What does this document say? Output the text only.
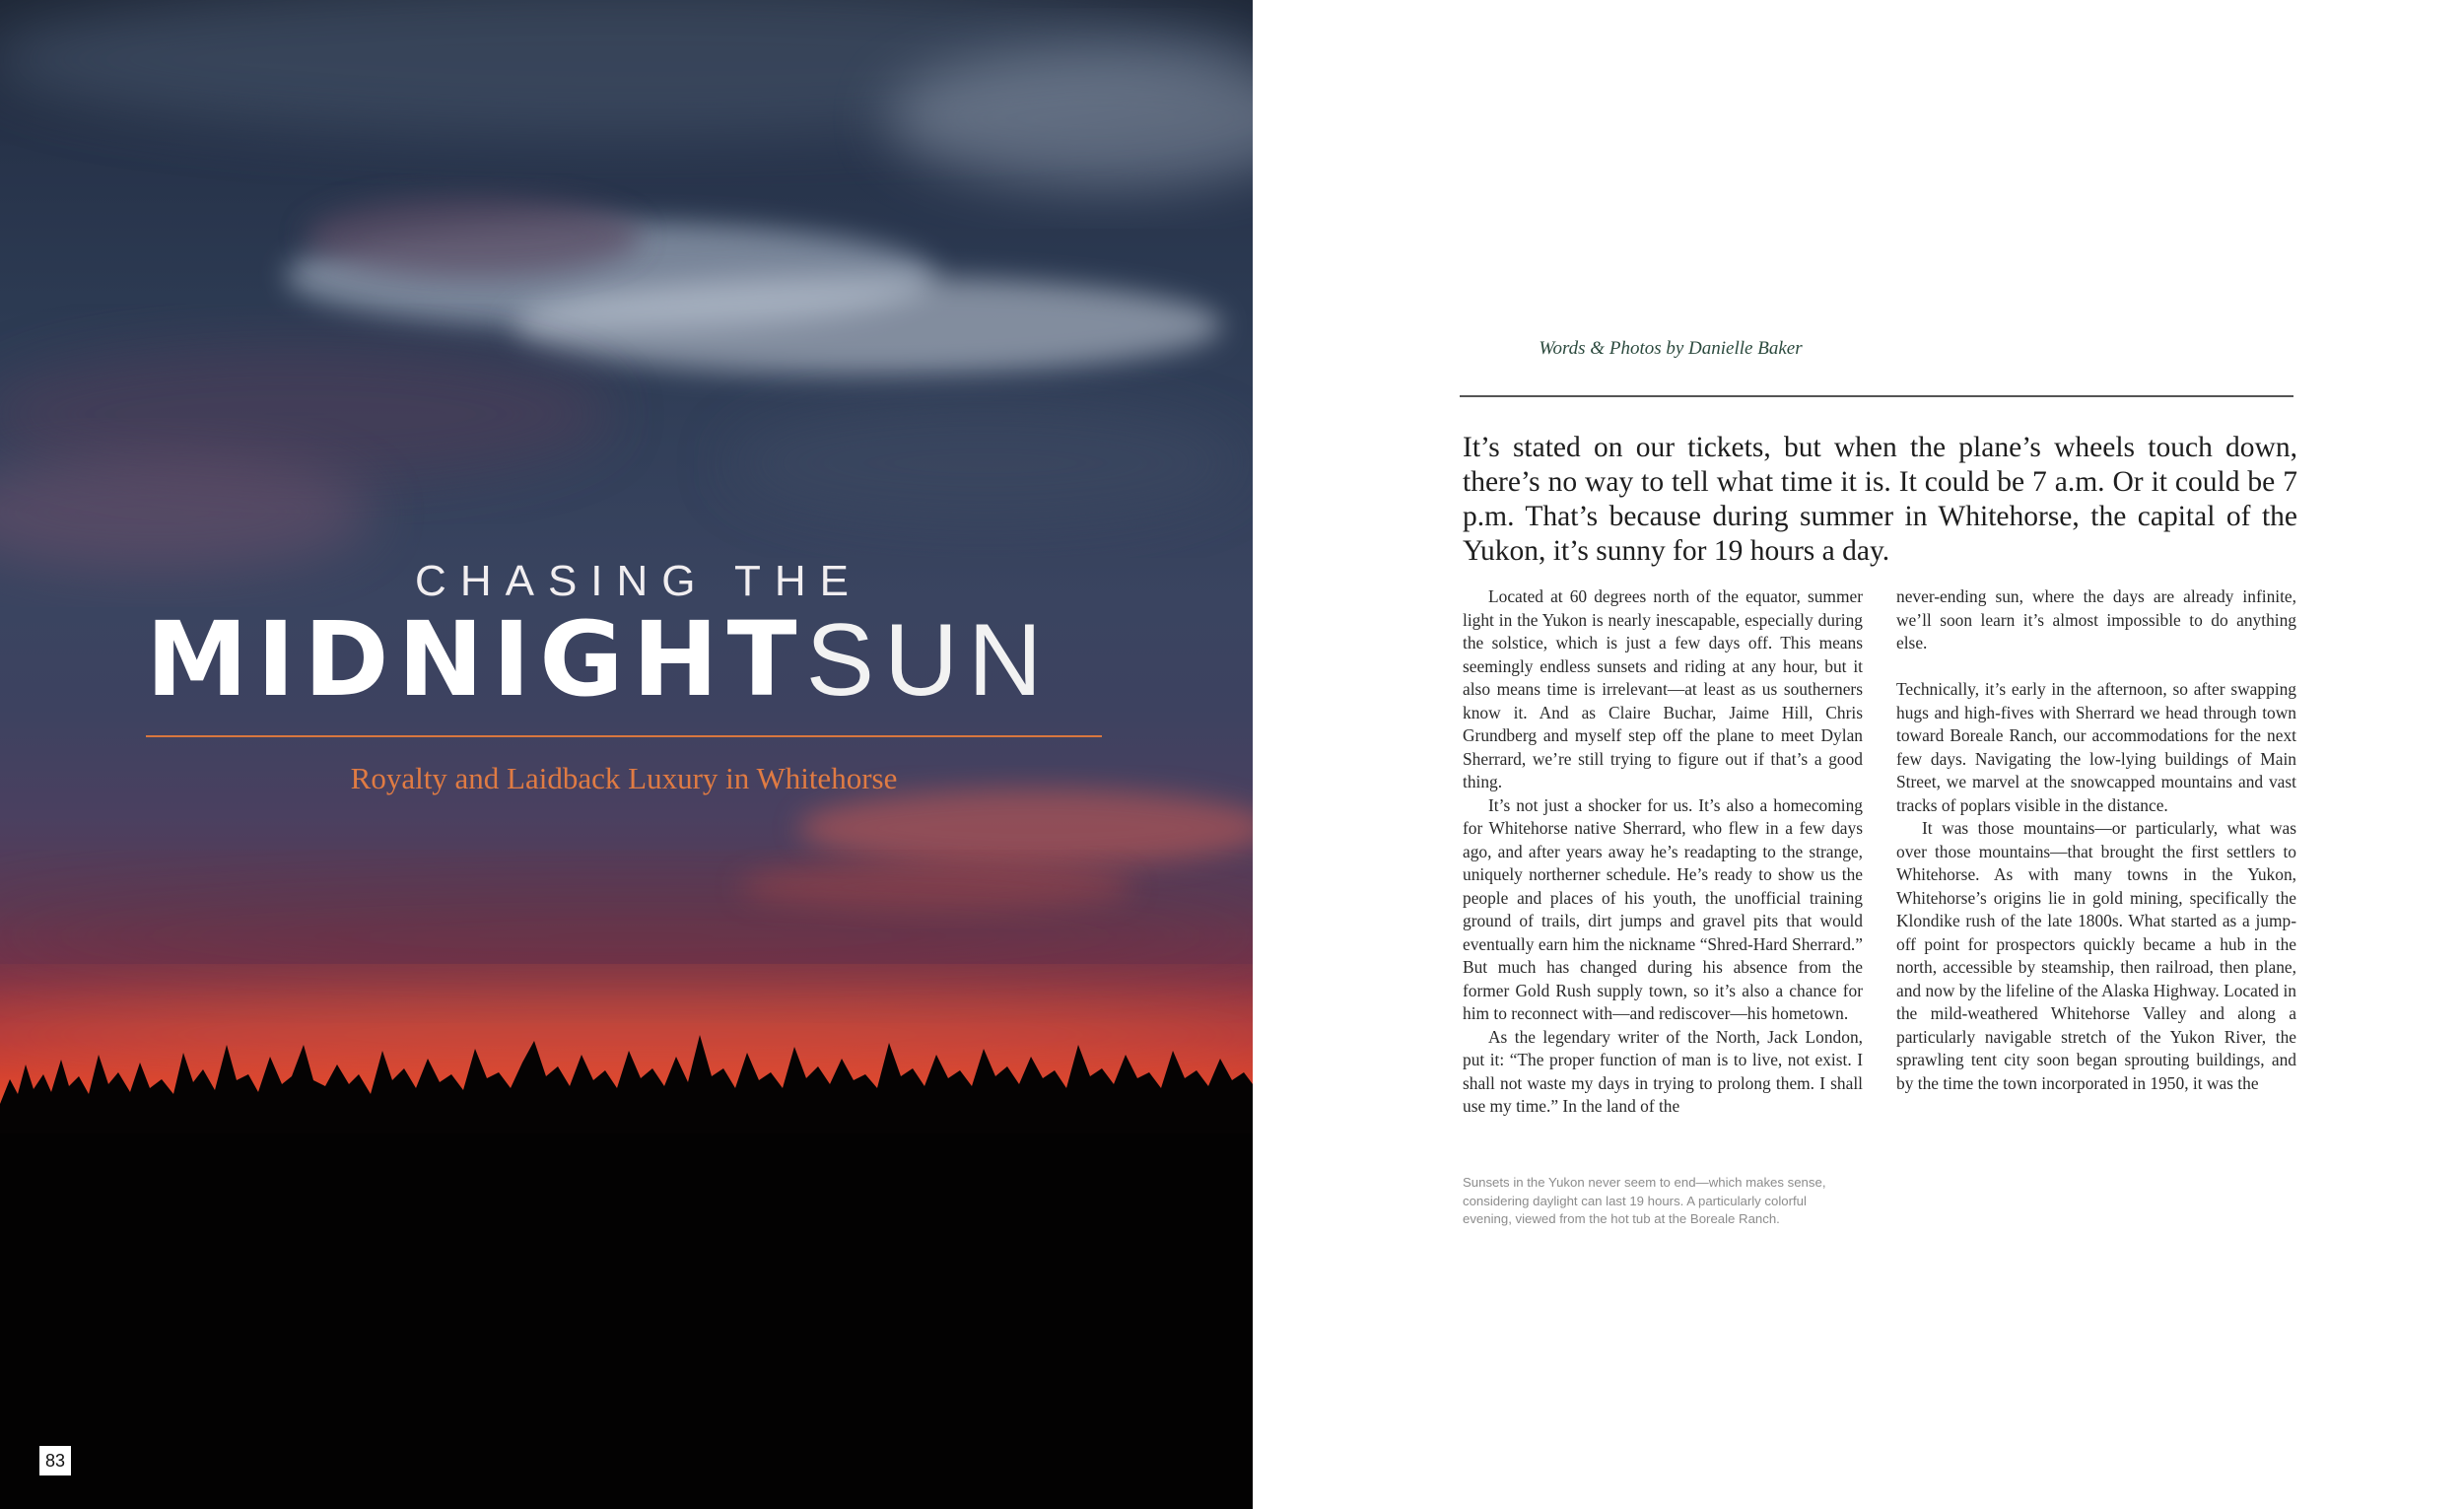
CHASING THE
MIDNIGHTSUN
Royalty and Laidback Luxury in Whitehorse
83
Words & Photos by Danielle Baker
It’s stated on our tickets, but when the plane’s wheels touch down, there’s no way to tell what time it is. It could be 7 a.m. Or it could be 7 p.m. That’s because during summer in Whitehorse, the capital of the Yukon, it’s sunny for 19 hours a day.

Located at 60 degrees north of the equator, summer light in the Yukon is nearly inescapable, especially during the solstice, which is just a few days off. This means seemingly endless sunsets and riding at any hour, but it also means time is irrelevant—at least as us southerners know it. And as Claire Buchar, Jaime Hill, Chris Grundberg and myself step off the plane to meet Dylan Sherrard, we’re still trying to figure out if that’s a good thing.

It’s not just a shocker for us. It’s also a homecoming for Whitehorse native Sherrard, who flew in a few days ago, and after years away he’s readapting to the strange, uniquely northerner schedule. He’s ready to show us the people and places of his youth, the unofficial training ground of trails, dirt jumps and gravel pits that would eventually earn him the nickname “Shred-Hard Sherrard.” But much has changed during his absence from the former Gold Rush supply town, so it’s also a chance for him to reconnect with—and rediscover—his hometown.

As the legendary writer of the North, Jack London, put it: “The proper function of man is to live, not exist. I shall not waste my days in trying to prolong them. I shall use my time.” In the land of the

never-ending sun, where the days are already infinite, we’ll soon learn it’s almost impossible to do anything else.

Technically, it’s early in the afternoon, so after swapping hugs and high-fives with Sherrard we head through town toward Boreale Ranch, our accommodations for the next few days. Navigating the low-lying buildings of Main Street, we marvel at the snowcapped mountains and vast tracks of poplars visible in the distance.

It was those mountains—or particularly, what was over those mountains—that brought the first settlers to Whitehorse. As with many towns in the Yukon, Whitehorse’s origins lie in gold mining, specifically the Klondike rush of the late 1800s. What started as a jump-off point for prospectors quickly became a hub in the north, accessible by steamship, then railroad, then plane, and now by the lifeline of the Alaska Highway. Located in the mild-weathered Whitehorse Valley and along a particularly navigable stretch of the Yukon River, the sprawling tent city soon began sprouting buildings, and by the time the town incorporated in 1950, it was the

Sunsets in the Yukon never seem to end—which makes sense, considering daylight can last 19 hours. A particularly colorful evening, viewed from the hot tub at the Boreale Ranch.
